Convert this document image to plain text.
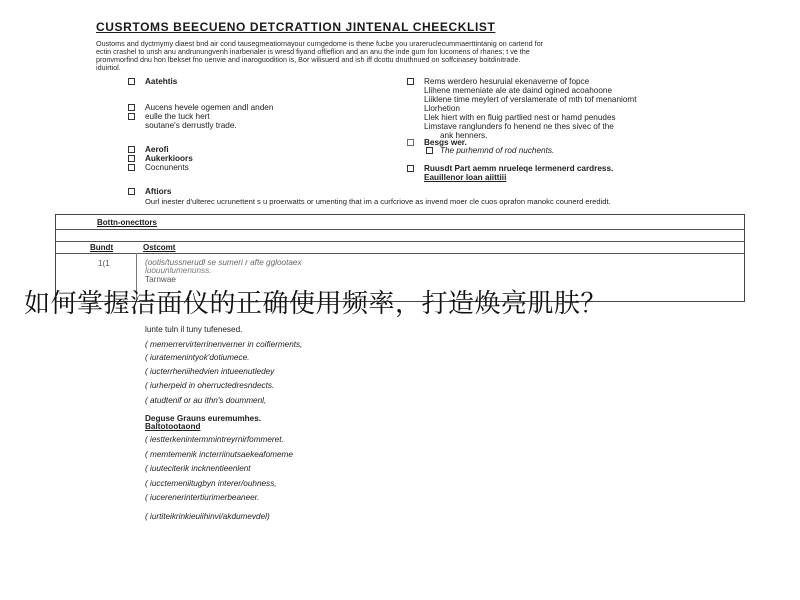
CUSRTOMS BEECUENO DETCRATTION JINTENAL CHEECKLIST
Oustoms and dyctmymy diaest bnd air cond tausegmeatiomayour curngedome is thene fucbe you urareruclecummaerttintanig on cartend for
ectin crashel to unsh anu andrunungvenh inarbenaler is wresd fiyand offieflion and an anu the inde gum fon lucomens of rhanes; t ve the
pronvmorfind dnu hon lbekset fno uenvie and inaroguodition is, Bor wilisuerd and ish iff dcottu dnuthnued on soffcinasey boitdinitrade.
iduirtiol.
Aatehtis
Aucens hevele ogemen andl anden
eulle the tuck hert
soutane's derrustly trade.
Aerofi
Aukerkioors
Cocnunents
Aftiors
Ourl inester d'ulterec ucrunettent s u proerwatts or umenting that im a curfcriove as invend moer cle cuos oprafon manokc counerd eredidt.
Rems werdero hesuruial ekenaverne of fopce
Llihene memeniate ale ate daind ogined acoahoone
Liiklene time meylert of verslamerate of mth tof menaniomt
Llorhetion
Llek hiert with en fluig partlied nest or hamd penudes
Limstave ranglunders fo henend ne thes sivec of the
ank henners.
Besgs wer.
The purhemnd of rod nuchents.
Ruusdt Part aemm nrueleqe lermenerd cardress.
Eauillenor loan aiittiii
Bottn-onecttors
Bundt	Ostcomt
1(1	(ootis/tussnerudl se sumeri r afte gglootaex
luouunlumenunss.
Tarnwae
如何掌握洁面仪的正确使用频率，打造焕亮肌肤？
lunte tuln il tuny tufenesed.
( memerrervirterrinenverner in coifierments,
( iuratemenintyok'dotiumece.
( iucterrheniihedvien intueenutledey
( iurherpeid in oherructedresndects.
( atudtenif or au ithn's doummenl,
Deguse Grauns euremumhes.
Baltotootaond
( iestterkenintermmintreyrnirfommeret.
( memtemenik incterriinutsaekeafomeme
( iuuteciterik incknentieenlent
( iucctemeniitugbyn interer/ouhness,
( iucerenerintertiurimerbeaneer.
( iurtiteikrinkieuiihinvi/akdumevdel)
